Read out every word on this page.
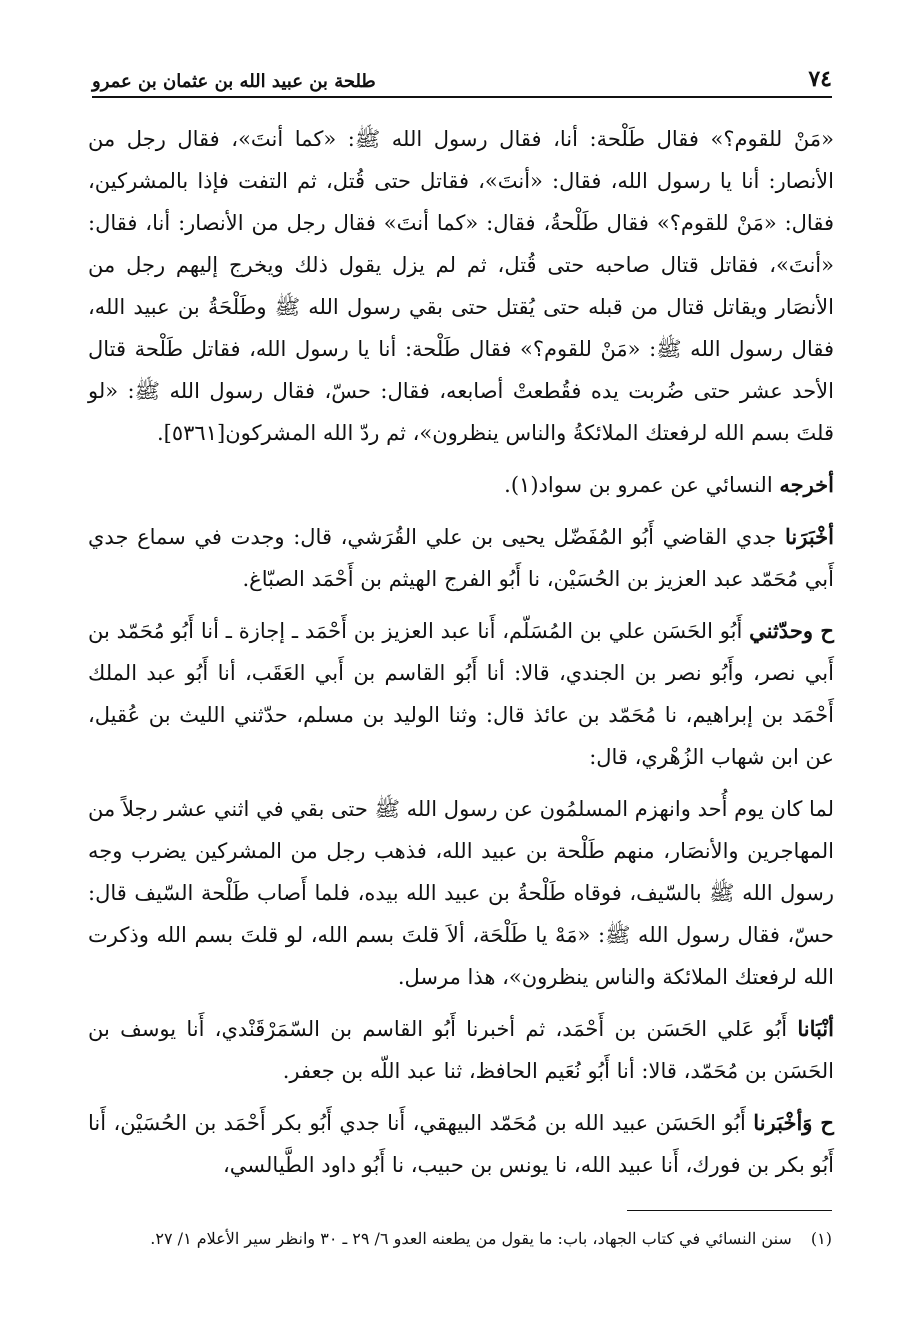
٧٤
طلحة بن عبيد الله بن عثمان بن عمرو

«مَنْ للقوم؟» فقال طَلْحة: أنا، فقال رسول الله ﷺ: «كما أنتَ»، فقال رجل من الأنصار: أنا يا رسول الله، فقال: «أنتَ»، فقاتل حتى قُتل، ثم التفت فإذا بالمشركين، فقال: «مَنْ للقوم؟» فقال طَلْحةُ، فقال: «كما أنتَ» فقال رجل من الأنصار: أنا، فقال: «أنتَ»، فقاتل قتال صاحبه حتى قُتل، ثم لم يزل يقول ذلك ويخرج إليهم رجل من الأنصَار ويقاتل قتال من قبله حتى يُقتل حتى بقي رسول الله ﷺ وطَلْحَةُ بن عبيد الله، فقال رسول الله ﷺ: «مَنْ للقوم؟» فقال طَلْحة: أنا يا رسول الله، فقاتل طَلْحة قتال الأحد عشر حتى ضُربت يده فقُطعتْ أصابعه، فقال: حسّ، فقال رسول الله ﷺ: «لو قلتَ بسم الله لرفعتك الملائكةُ والناس ينظرون»، ثم ردّ الله المشركون[٥٣٦١].

أخرجه النسائي عن عمرو بن سواد(١).

أخْبَرَنا جدي القاضي أَبُو المُفَضّل يحيى بن علي القُرَشي، قال: وجدت في سماع جدي أَبي مُحَمّد عبد العزيز بن الحُسَيْن، نا أَبُو الفرج الهيثم بن أَحْمَد الصبّاغ.

ح وحدّثني أَبُو الحَسَن علي بن المُسَلّم، أَنا عبد العزيز بن أَحْمَد ـ إجازة ـ أنا أَبُو مُحَمّد بن أَبي نصر، وأَبُو نصر بن الجندي، قالا: أنا أَبُو القاسم بن أَبي العَقَب، أنا أَبُو عبد الملك أَحْمَد بن إبراهيم، نا مُحَمّد بن عائذ قال: وثنا الوليد بن مسلم، حدّثني الليث بن عُقيل، عن ابن شهاب الزُهْري، قال:

لما كان يوم أُحد وانهزم المسلمُون عن رسول الله ﷺ حتى بقي في اثني عشر رجلاً من المهاجرين والأنصَار، منهم طَلْحة بن عبيد الله، فذهب رجل من المشركين يضرب وجه رسول الله ﷺ بالسّيف، فوقاه طَلْحةُ بن عبيد الله بيده، فلما أَصاب طَلْحة السّيف قال: حسّ، فقال رسول الله ﷺ: «مَهْ يا طَلْحَة، ألاَ قلتَ بسم الله، لو قلتَ بسم الله وذكرت الله لرفعتك الملائكة والناس ينظرون»، هذا مرسل.

أنْبَانا أَبُو عَلي الحَسَن بن أَحْمَد، ثم أخبرنا أَبُو القاسم بن السّمَرْقَنْدي، أَنا يوسف بن الحَسَن بن مُحَمّد، قالا: أنا أَبُو نُعَيم الحافظ، ثنا عبد اللّه بن جعفر.

ح وَأخْبَرنا أَبُو الحَسَن عبيد الله بن مُحَمّد البيهقي، أَنا جدي أَبُو بكر أَحْمَد بن الحُسَيْن، أَنا أَبُو بكر بن فورك، أَنا عبيد الله، نا يونس بن حبيب، نا أَبُو داود الطَّيالسي،

(١) سنن النسائي في كتاب الجهاد، باب: ما يقول من يطعنه العدو ٦/ ٢٩ ـ ٣٠ وانظر سير الأعلام ١/ ٢٧.
